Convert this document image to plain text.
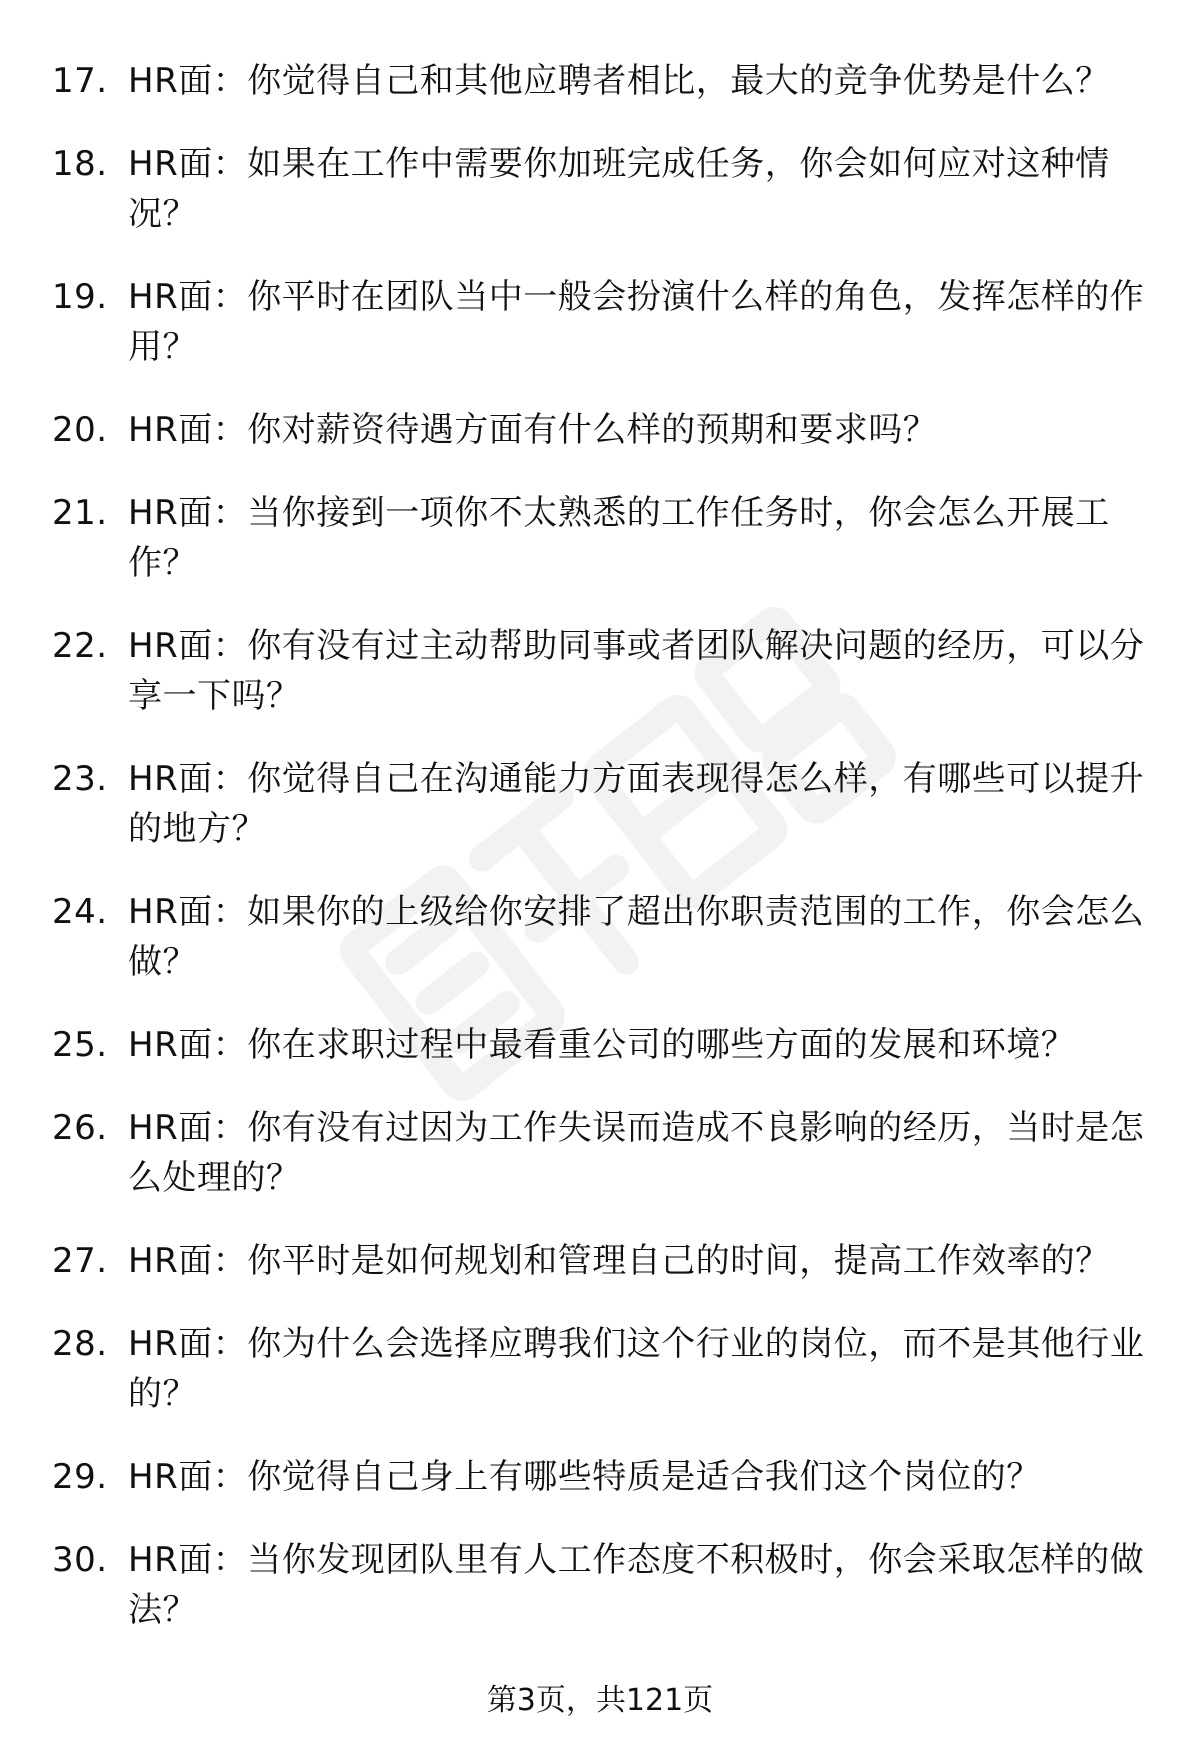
17. HR面：你觉得自己和其他应聘者相比，最大的竞争优势是什么？
18. HR面：如果在工作中需要你加班完成任务，你会如何应对这种情况？
19. HR面：你平时在团队当中一般会扮演什么样的角色，发挥怎样的作用？
20. HR面：你对薪资待遇方面有什么样的预期和要求吗？
21. HR面：当你接到一项你不太熟悉的工作任务时，你会怎么开展工作？
22. HR面：你有没有过主动帮助同事或者团队解决问题的经历，可以分享一下吗？
23. HR面：你觉得自己在沟通能力方面表现得怎么样，有哪些可以提升的地方？
24. HR面：如果你的上级给你安排了超出你职责范围的工作，你会怎么做？
25. HR面：你在求职过程中最看重公司的哪些方面的发展和环境？
26. HR面：你有没有过因为工作失误而造成不良影响的经历，当时是怎么处理的？
27. HR面：你平时是如何规划和管理自己的时间，提高工作效率的？
28. HR面：你为什么会选择应聘我们这个行业的岗位，而不是其他行业的？
29. HR面：你觉得自己身上有哪些特质是适合我们这个岗位的？
30. HR面：当你发现团队里有人工作态度不积极时，你会采取怎样的做法？
第3页，共121页
